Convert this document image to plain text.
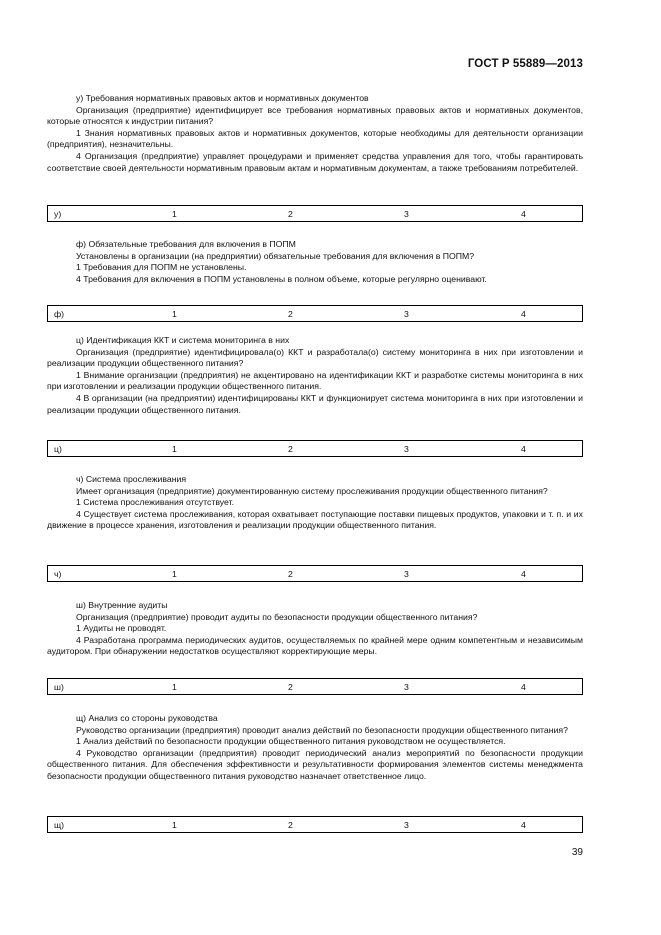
ГОСТ Р 55889—2013

у) Требования нормативных правовых актов и нормативных документов

Организация (предприятие) идентифицирует все требования нормативных правовых актов и нормативных документов, которые относятся к индустрии питания?

1 Знания нормативных правовых актов и нормативных документов, которые необходимы для деятельности организации (предприятия), незначительны.

4 Организация (предприятие) управляет процедурами и применяет средства управления для того, чтобы гарантировать соответствие своей деятельности нормативным правовым актам и нормативным документам, а также требованиям потребителей.

у)	1	2	3	4

ф) Обязательные требования для включения в ПОПМ

Установлены в организации (на предприятии) обязательные требования для включения в ПОПМ?

1 Требования для ПОПМ не установлены.

4 Требования для включения в ПОПМ установлены в полном объеме, которые регулярно оценивают.

ф)	1	2	3	4

ц) Идентификация ККТ и система мониторинга в них

Организация (предприятие) идентифицировала(о) ККТ и разработала(о) систему мониторинга в них при изготовлении и реализации продукции общественного питания?

1 Внимание организации (предприятия) не акцентировано на идентификации ККТ и разработке системы мониторинга в них при изготовлении и реализации продукции общественного питания.

4 В организации (на предприятии) идентифицированы ККТ и функционирует система мониторинга в них при изготовлении и реализации продукции общественного питания.

ц)	1	2	3	4

ч) Система прослеживания

Имеет организация (предприятие) документированную систему прослеживания продукции общественного питания?

1 Система прослеживания отсутствует.

4 Существует система прослеживания, которая охватывает поступающие поставки пищевых продуктов, упаковки и т. п. и их движение в процессе хранения, изготовления и реализации продукции общественного питания.

ч)	1	2	3	4

ш) Внутренние аудиты

Организация (предприятие) проводит аудиты по безопасности продукции общественного питания?

1 Аудиты не проводят.

4 Разработана программа периодических аудитов, осуществляемых по крайней мере одним компетентным и независимым аудитором. При обнаружении недостатков осуществляют корректирующие меры.

ш)	1	2	3	4

щ) Анализ со стороны руководства

Руководство организации (предприятия) проводит анализ действий по безопасности продукции общественного питания?

1 Анализ действий по безопасности продукции общественного питания руководством не осуществляется.

4 Руководство организации (предприятия) проводит периодический анализ мероприятий по безопасности продукции общественного питания. Для обеспечения эффективности и результативности формирования элементов системы менеджмента безопасности продукции общественного питания руководство назначает ответственное лицо.

щ)	1	2	3	4
39
